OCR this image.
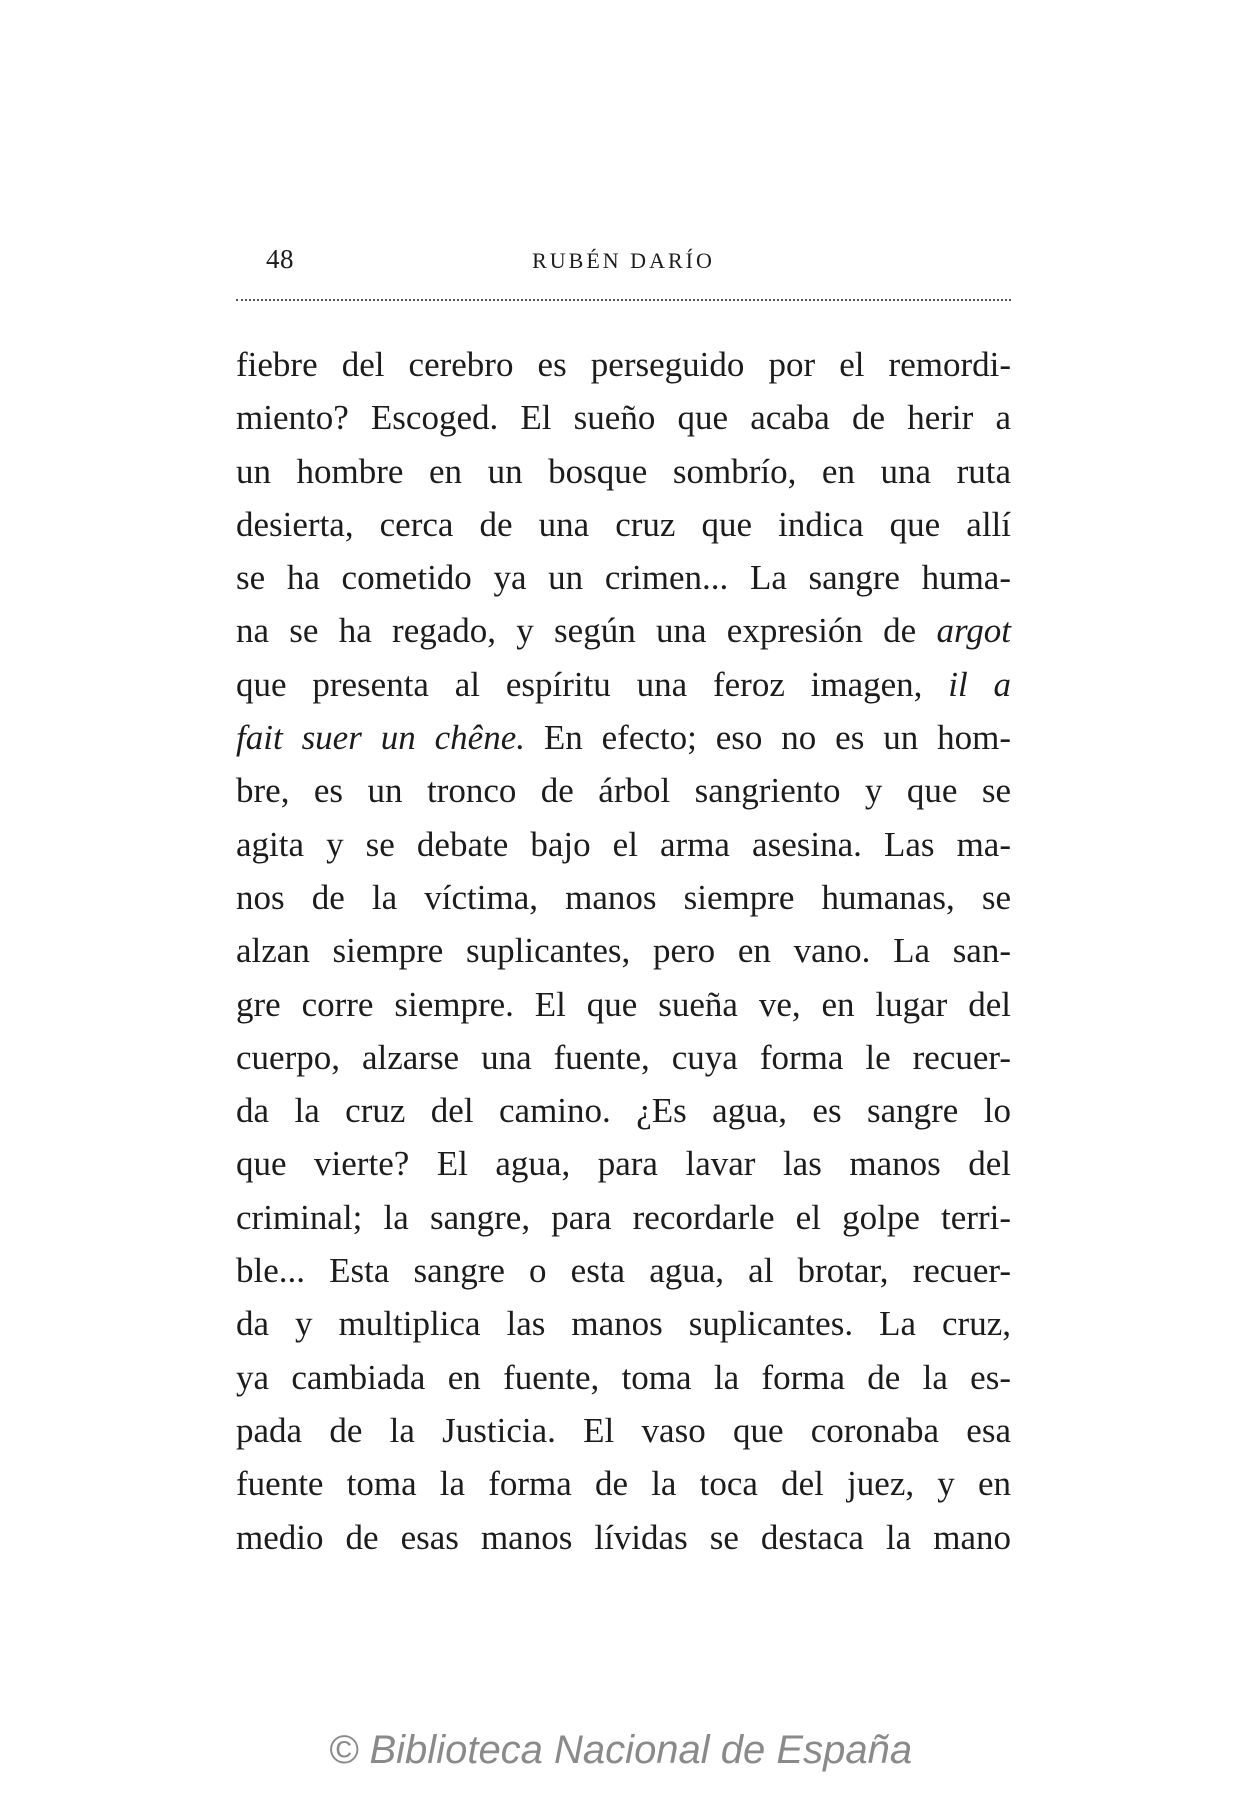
48	RUBÉN DARÍO
fiebre del cerebro es perseguido por el remordi-
miento? Escoged. El sueño que acaba de herir a
un hombre en un bosque sombrío, en una ruta
desierta, cerca de una cruz que indica que allí
se ha cometido ya un crimen... La sangre huma-
na se ha regado, y según una expresión de argot
que presenta al espíritu una feroz imagen, il a
fait suer un chêne. En efecto; eso no es un hom-
bre, es un tronco de árbol sangriento y que se
agita y se debate bajo el arma asesina. Las ma-
nos de la víctima, manos siempre humanas, se
alzan siempre suplicantes, pero en vano. La san-
gre corre siempre. El que sueña ve, en lugar del
cuerpo, alzarse una fuente, cuya forma le recuer-
da la cruz del camino. ¿Es agua, es sangre lo
que vierte? El agua, para lavar las manos del
criminal; la sangre, para recordarle el golpe terri-
ble... Esta sangre o esta agua, al brotar, recuer-
da y multiplica las manos suplicantes. La cruz,
ya cambiada en fuente, toma la forma de la es-
pada de la Justicia. El vaso que coronaba esa
fuente toma la forma de la toca del juez, y en
medio de esas manos lívidas se destaca la mano
© Biblioteca Nacional de España
